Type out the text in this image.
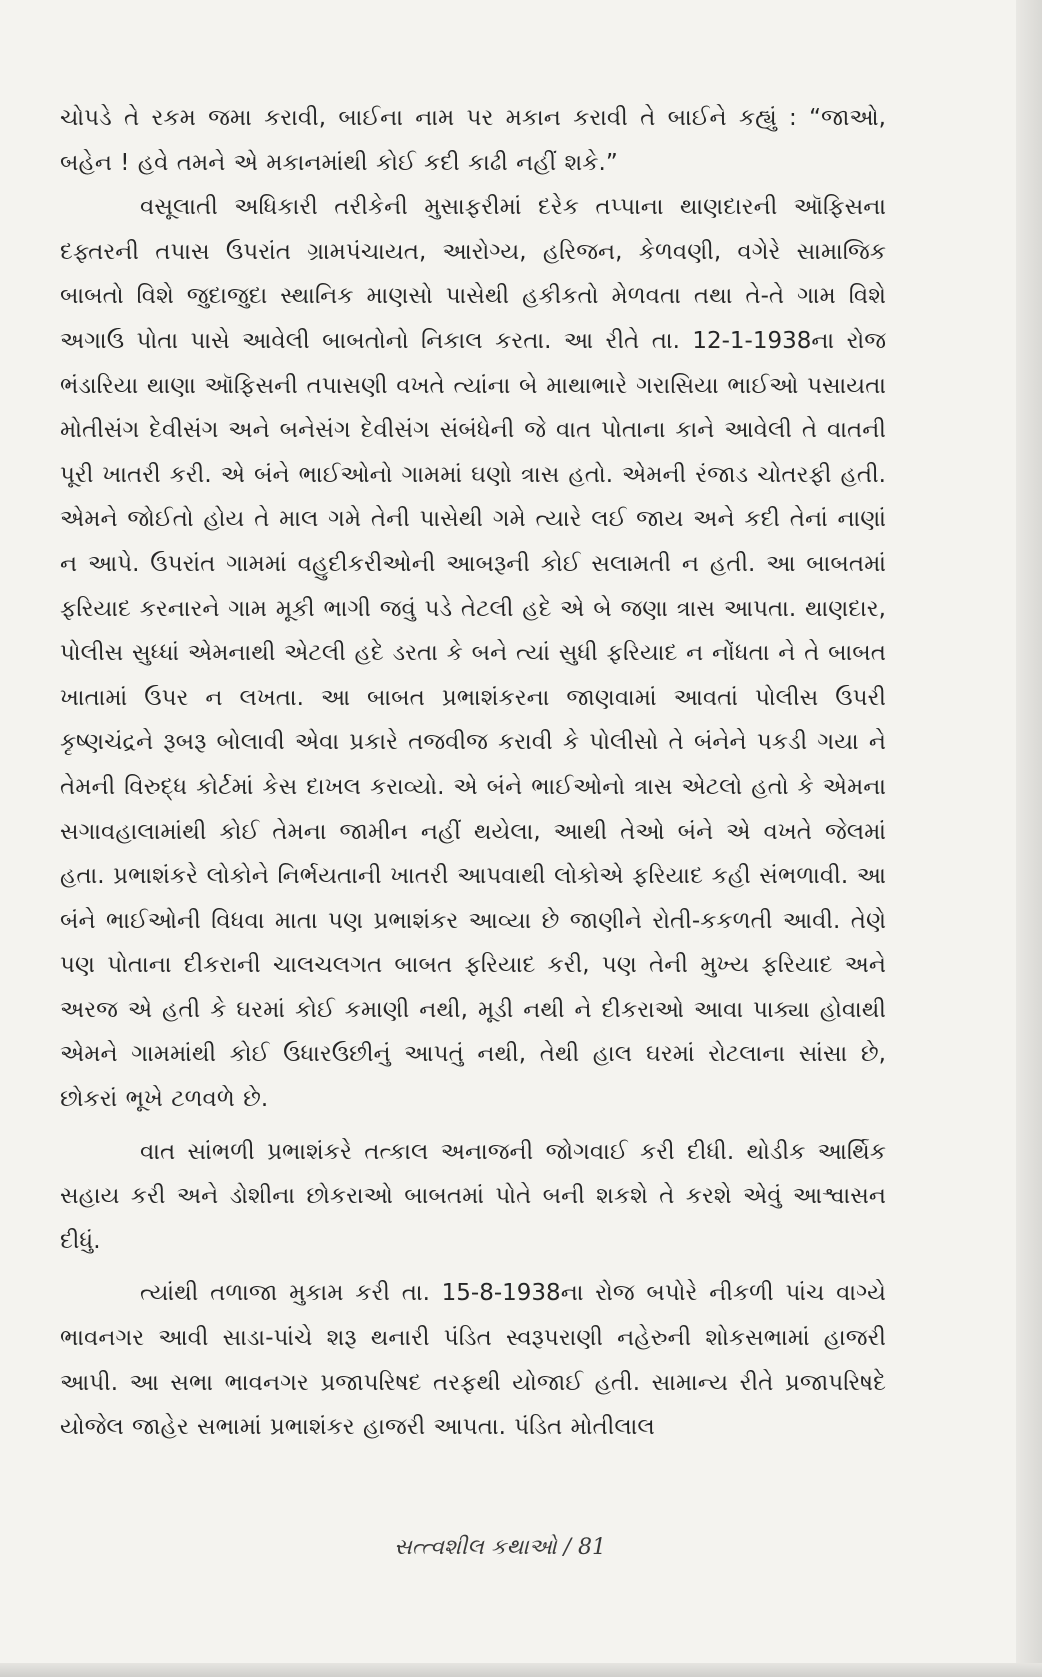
ચોપડે તે રકમ જમા કરાવી, બાઈના નામ પર મકાન કરાવી તે બાઈને કહ્યું : “જાઓ, બહેન ! હવે તમને એ મકાનમાંથી કોઈ કદી કાઢી નહીં શકે.”

વસૂલાતી અધિકારી તરીકેની મુસાફરીમાં દરેક તપ્પાના થાણદારની ઑફિસના દફ્તરની તપાસ ઉપરાંત ગ્રામપંચાયત, આરોગ્ય, હરિજન, કેળવણી, વગેરે સામાજિક બાબતો વિશે જુદાજુદા સ્થાનિક માણસો પાસેથી હકીકતો મેળવતા તથા તે-તે ગામ વિશે અગાઉ પોતા પાસે આવેલી બાબતોનો નિકાલ કરતા. આ રીતે તા. 12-1-1938ના રોજ ભંડારિયા થાણા ઑફિસની તપાસણી વખતે ત્યાંના બે માથાભારે ગરાસિયા ભાઈઓ પસાયતા મોતીસંગ દેવીસંગ અને બનેસંગ દેવીસંગ સંબંધેની જે વાત પોતાના કાને આવેલી તે વાતની પૂરી ખાતરી કરી. એ બંને ભાઈઓનો ગામમાં ઘણો ત્રાસ હતો. એમની રંજાડ ચોતરફી હતી. એમને જોઈતો હોય તે માલ ગમે તેની પાસેથી ગમે ત્યારે લઈ જાય અને કદી તેનાં નાણાં ન આપે. ઉપરાંત ગામમાં વહુદીકરીઓની આબરૂની કોઈ સલામતી ન હતી. આ બાબતમાં ફરિયાદ કરનારને ગામ મૂકી ભાગી જવું પડે તેટલી હદે એ બે જણા ત્રાસ આપતા. થાણદાર, પોલીસ સુધ્ધાં એમનાથી એટલી હદે ડરતા કે બને ત્યાં સુધી ફરિયાદ ન નોંધતા ને તે બાબત ખાતામાં ઉપર ન લખતા. આ બાબત પ્રભાશંકરના જાણવામાં આવતાં પોલીસ ઉપરી કૃષ્ણચંદ્રને રૂબરૂ બોલાવી એવા પ્રકારે તજવીજ કરાવી કે પોલીસો તે બંનેને પકડી ગયા ને તેમની વિરુદ્ધ કોર્ટમાં કેસ દાખલ કરાવ્યો. એ બંને ભાઈઓનો ત્રાસ એટલો હતો કે એમના સગાવહાલામાંથી કોઈ તેમના જામીન નહીં થયેલા, આથી તેઓ બંને એ વખતે જેલમાં હતા. પ્રભાશંકરે લોકોને નિર્ભયતાની ખાતરી આપવાથી લોકોએ ફરિયાદ કહી સંભળાવી. આ બંને ભાઈઓની વિધવા માતા પણ પ્રભાશંકર આવ્યા છે જાણીને રોતી-કકળતી આવી. તેણે પણ પોતાના દીકરાની ચાલચલગત બાબત ફરિયાદ કરી, પણ તેની મુખ્ય ફરિયાદ અને અરજ એ હતી કે ઘરમાં કોઈ કમાણી નથી, મૂડી નથી ને દીકરાઓ આવા પાક્યા હોવાથી એમને ગામમાંથી કોઈ ઉધારઉછીનું આપતું નથી, તેથી હાલ ઘરમાં રોટલાના સાંસા છે, છોકરાં ભૂખે ટળવળે છે.

વાત સાંભળી પ્રભાશંકરે તત્કાલ અનાજની જોગવાઈ કરી દીધી. થોડીક આર્થિક સહાય કરી અને ડોશીના છોકરાઓ બાબતમાં પોતે બની શકશે તે કરશે એવું આશ્વાસન દીધું.

ત્યાંથી તળાજા મુકામ કરી તા. 15-8-1938ના રોજ બપોરે નીકળી પાંચ વાગ્યે ભાવનગર આવી સાડા-પાંચે શરૂ થનારી પંડિત સ્વરૂપરાણી નહેરુની શોકસભામાં હાજરી આપી. આ સભા ભાવનગર પ્રજાપરિષદ તરફથી યોજાઈ હતી. સામાન્ય રીતે પ્રજાપરિષદે યોજેલ જાહેર સભામાં પ્રભાશંકર હાજરી આપતા. પંડિત મોતીલાલ

સત્ત્વશીલ કથાઓ / 81
